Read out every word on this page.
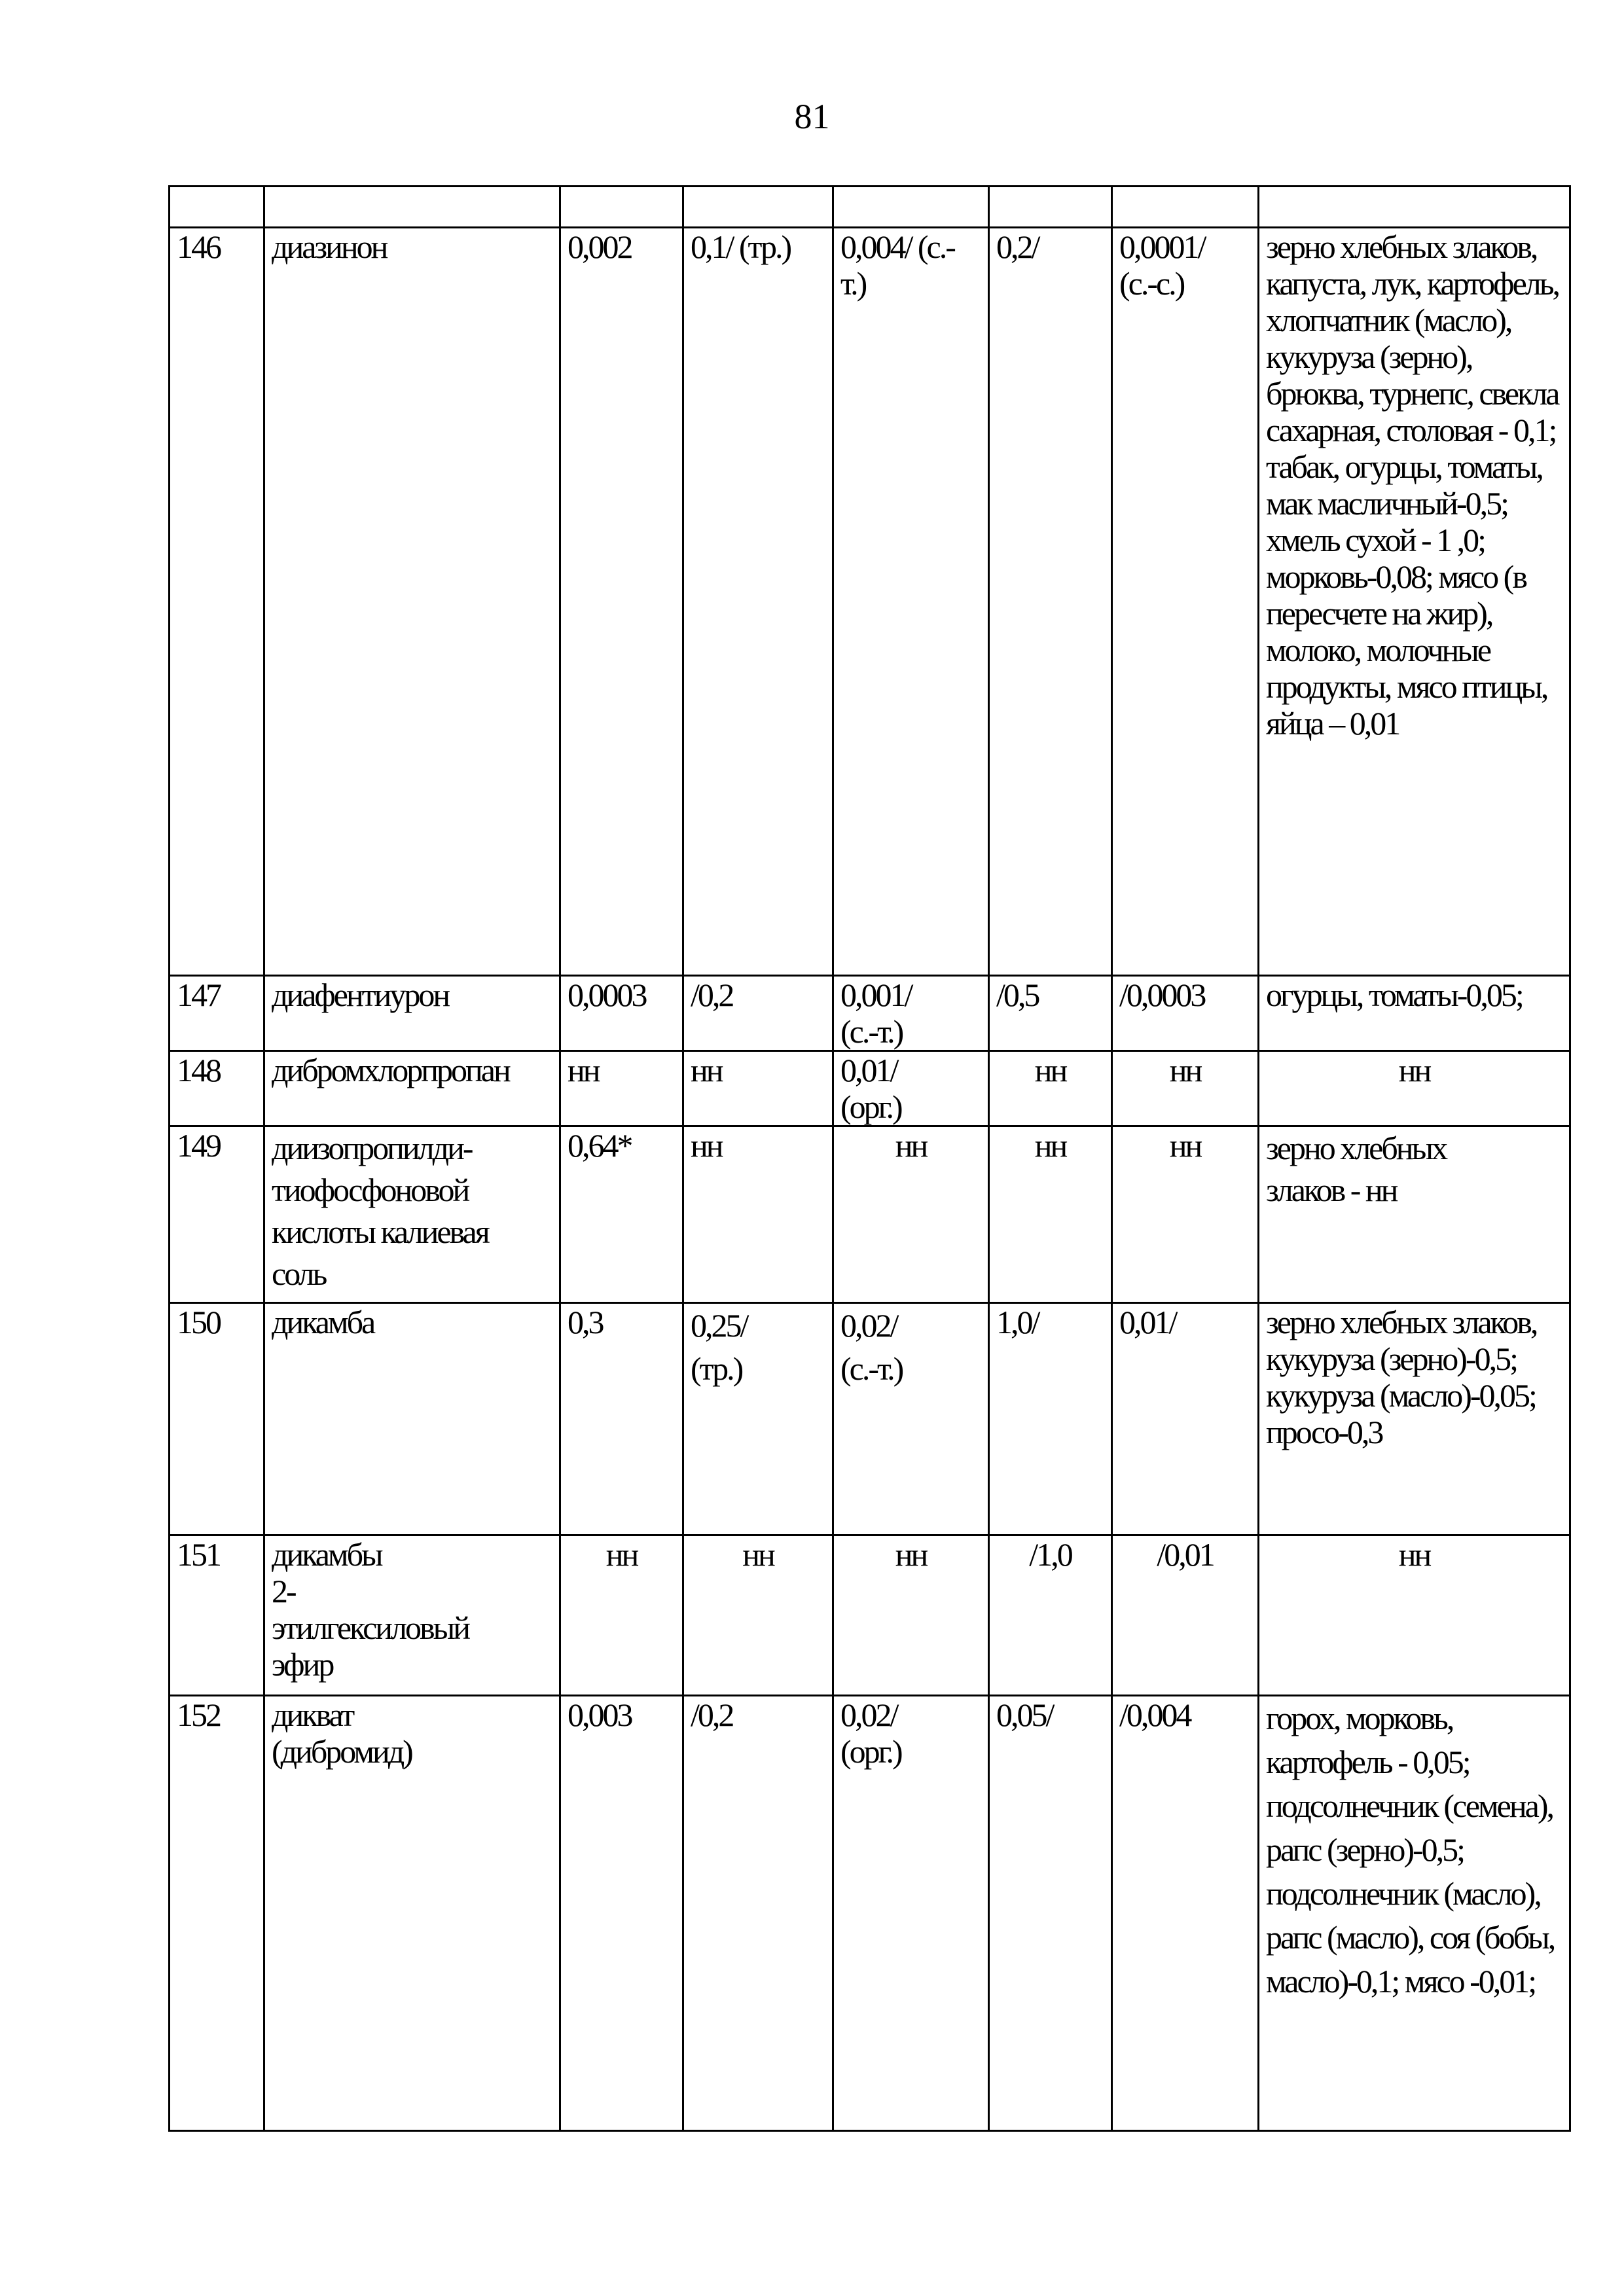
81

146	диазинон	0,002	0,1/ (тр.)	0,004/ (с.-
т.)	0,2/	0,0001/
(с.-с.)	зерно хлебных злаков, капуста, лук, картофель, хлопчатник (масло), кукуруза (зерно), брюква, турнепс, свекла сахарная, столовая - 0,1; табак, огурцы, томаты, мак масличный-0,5; хмель сухой - 1 ,0; морковь-0,08; мясо (в пересчете на жир), молоко, молочные продукты, мясо птицы, яйца – 0,01
147	диафентиурон	0,0003	/0,2	0,001/
(с.-т.)	/0,5	/0,0003	огурцы, томаты-0,05;
148	дибромхлорпропан	нн	нн	0,01/
(орг.)	нн	нн	нн
149	диизопропилди-
тиофосфоновой
кислоты калиевая
соль	0,64*	нн	нн	нн	нн	зерно хлебных
злаков - нн
150	дикамба	0,3	0,25/
(тр.)	0,02/
(с.-т.)	1,0/	0,01/	зерно хлебных злаков, кукуруза (зерно)-0,5; кукуруза (масло)-0,05;
просо-0,3
151	дикамбы
2-
этилгексиловый
эфир	нн	нн	нн	/1,0	/0,01	нн
152	дикват
(дибромид)	0,003	/0,2	0,02/
(орг.)	0,05/	/0,004	горох, морковь, картофель - 0,05; подсолнечник (семена), рапс (зерно)-0,5; подсолнечник (масло), рапс (масло), соя (бобы, масло)-0,1; мясо -0,01;
